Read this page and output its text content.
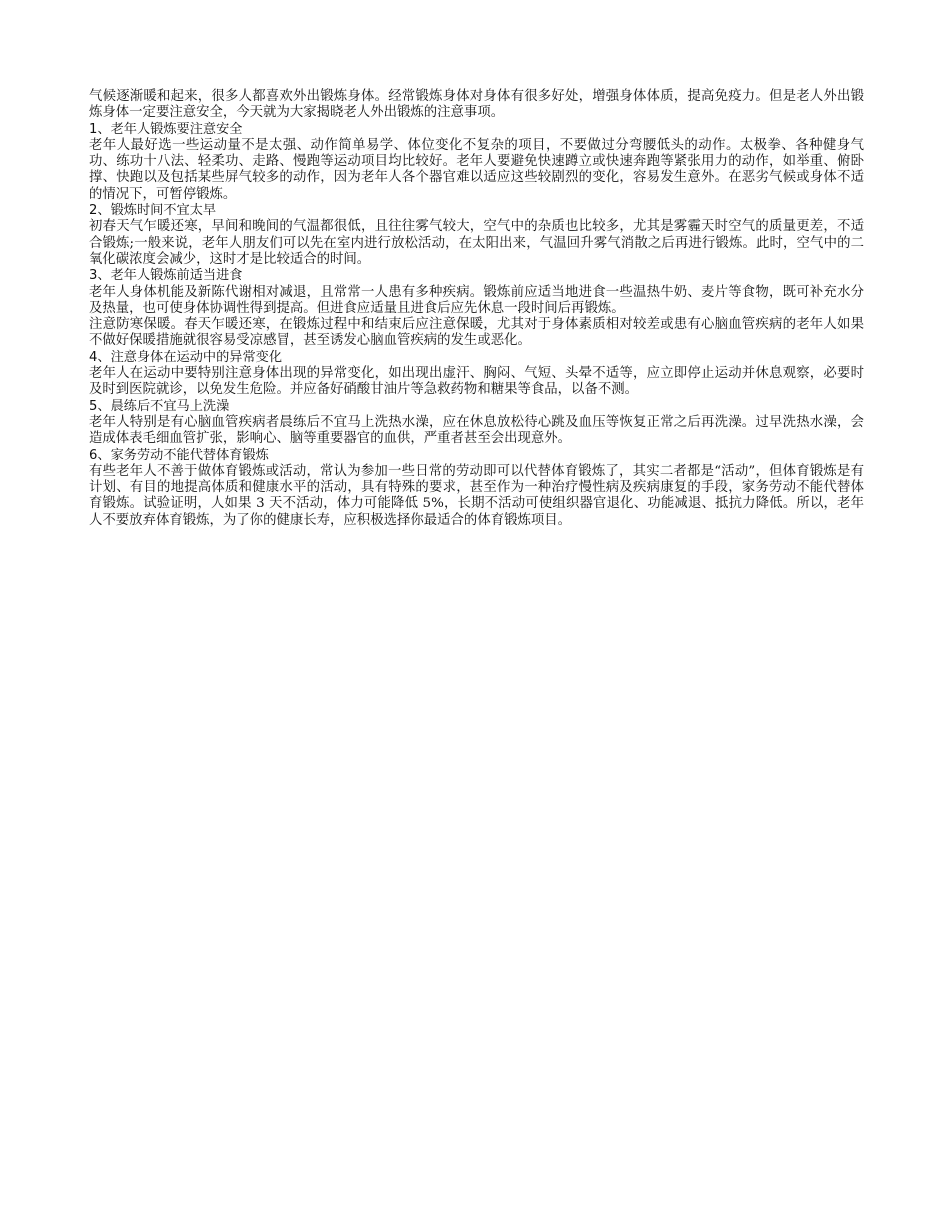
气候逐渐暖和起来，很多人都喜欢外出锻炼身体。经常锻炼身体对身体有很多好处，增强身体体质，提高免疫力。但是老人外出锻炼身体一定要注意安全，今天就为大家揭晓老人外出锻炼的注意事项。

1、老年人锻炼要注意安全

老年人最好选一些运动量不是太强、动作简单易学、体位变化不复杂的项目，不要做过分弯腰低头的动作。太极拳、各种健身气功、练功十八法、轻柔功、走路、慢跑等运动项目均比较好。老年人要避免快速蹲立或快速奔跑等紧张用力的动作，如举重、俯卧撑、快跑以及包括某些屏气较多的动作，因为老年人各个器官难以适应这些较剧烈的变化，容易发生意外。在恶劣气候或身体不适的情况下，可暂停锻炼。

2、锻炼时间不宜太早

初春天气乍暖还寒，早间和晚间的气温都很低，且往往雾气较大，空气中的杂质也比较多，尤其是雾霾天时空气的质量更差，不适合锻炼;一般来说，老年人朋友们可以先在室内进行放松活动，在太阳出来，气温回升雾气消散之后再进行锻炼。此时，空气中的二氧化碳浓度会减少，这时才是比较适合的时间。

3、老年人锻炼前适当进食

老年人身体机能及新陈代谢相对减退，且常常一人患有多种疾病。锻炼前应适当地进食一些温热牛奶、麦片等食物，既可补充水分及热量，也可使身体协调性得到提高。但进食应适量且进食后应先休息一段时间后再锻炼。

注意防寒保暖。春天乍暖还寒，在锻炼过程中和结束后应注意保暖，尤其对于身体素质相对较差或患有心脑血管疾病的老年人如果不做好保暖措施就很容易受凉感冒，甚至诱发心脑血管疾病的发生或恶化。

4、注意身体在运动中的异常变化

老年人在运动中要特别注意身体出现的异常变化，如出现出虚汗、胸闷、气短、头晕不适等，应立即停止运动并休息观察，必要时及时到医院就诊，以免发生危险。并应备好硝酸甘油片等急救药物和糖果等食品，以备不测。

5、晨练后不宜马上洗澡

老年人特别是有心脑血管疾病者晨练后不宜马上洗热水澡，应在休息放松待心跳及血压等恢复正常之后再洗澡。过早洗热水澡，会造成体表毛细血管扩张，影响心、脑等重要器官的血供，严重者甚至会出现意外。

6、家务劳动不能代替体育锻炼

有些老年人不善于做体育锻炼或活动，常认为参加一些日常的劳动即可以代替体育锻炼了，其实二者都是“活动”，但体育锻炼是有计划、有目的地提高体质和健康水平的活动，具有特殊的要求，甚至作为一种治疗慢性病及疾病康复的手段，家务劳动不能代替体育锻炼。试验证明，人如果 3 天不活动，体力可能降低 5%，长期不活动可使组织器官退化、功能减退、抵抗力降低。所以，老年人不要放弃体育锻炼，为了你的健康长寿，应积极选择你最适合的体育锻炼项目。
